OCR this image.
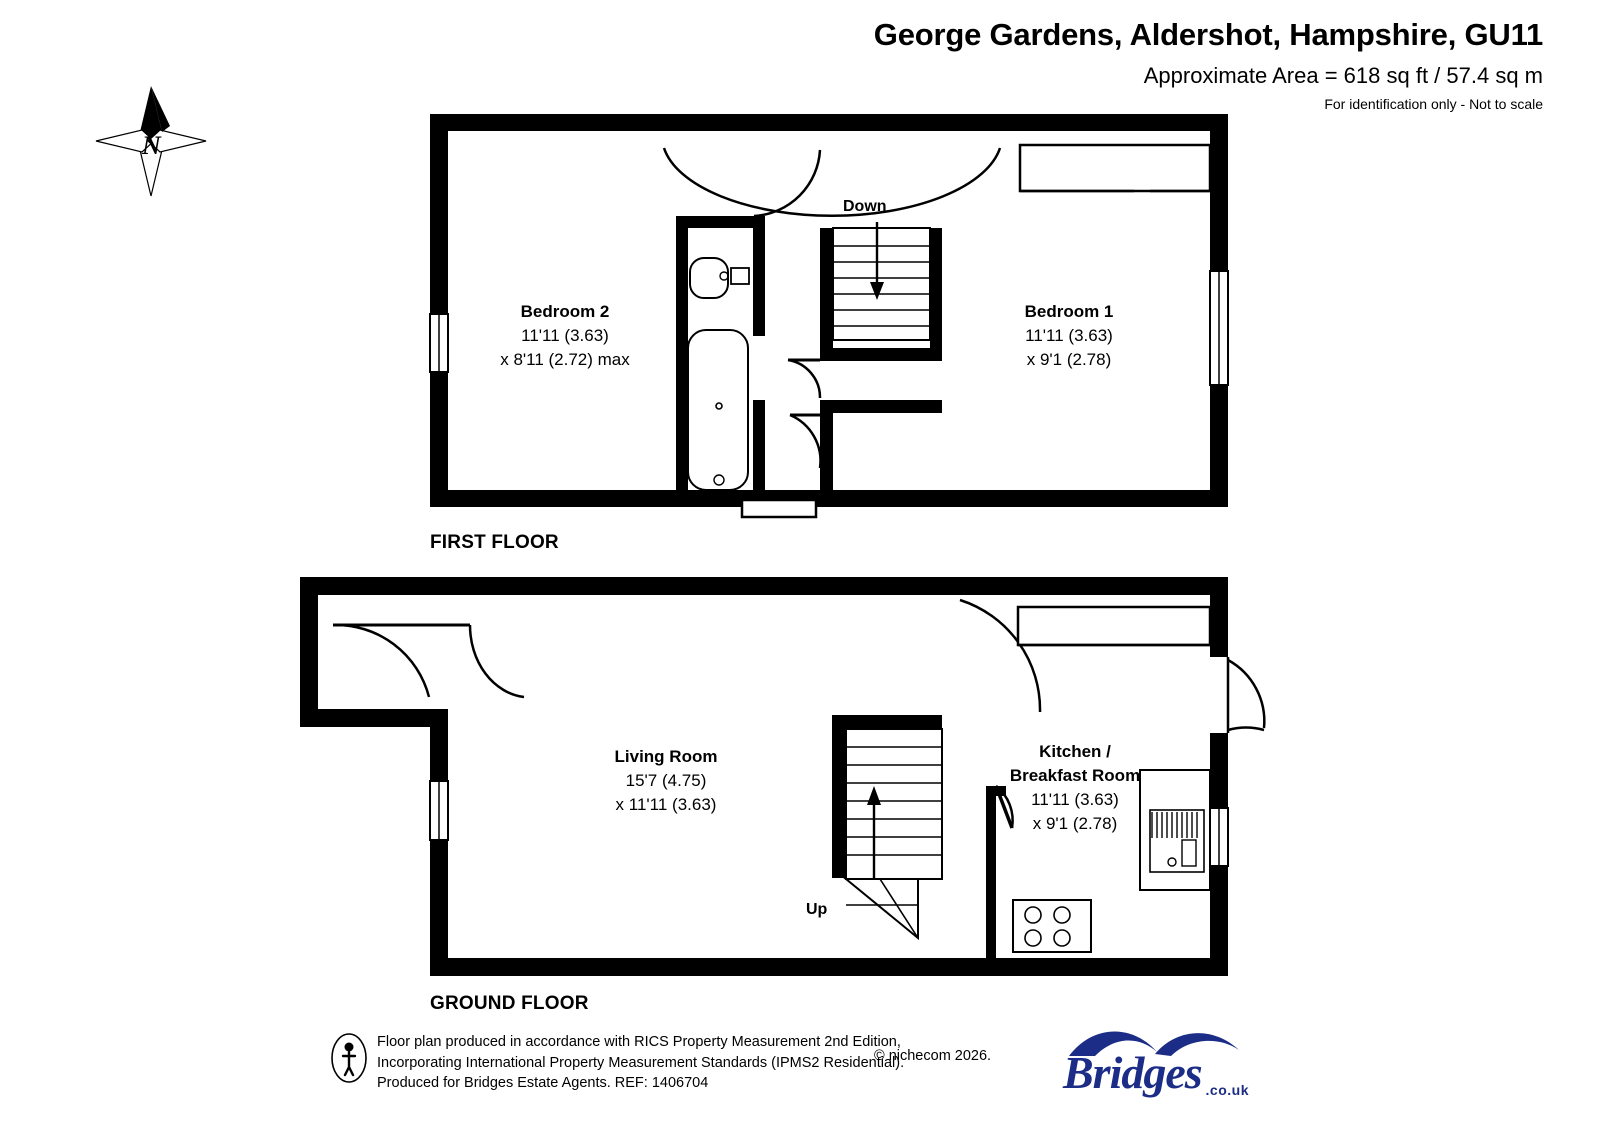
George Gardens, Aldershot, Hampshire, GU11
Approximate Area = 618 sq ft / 57.4 sq m
For identification only - Not to scale
N
FIRST FLOOR
GROUND FLOOR
Bedroom 2
11'11 (3.63)
x 8'11 (2.72) max
Bedroom 1
11'11 (3.63)
x 9'1 (2.78)
Living Room
15'7 (4.75)
x 11'11 (3.63)
Kitchen /
Breakfast Room
11'11 (3.63)
x 9'1 (2.78)
Down
Up
Floor plan produced in accordance with RICS Property Measurement 2nd Edition,
Incorporating International Property Measurement Standards (IPMS2 Residential).
Produced for Bridges Estate Agents. REF: 1406704
© nichecom 2026. Bridges .co.uk
